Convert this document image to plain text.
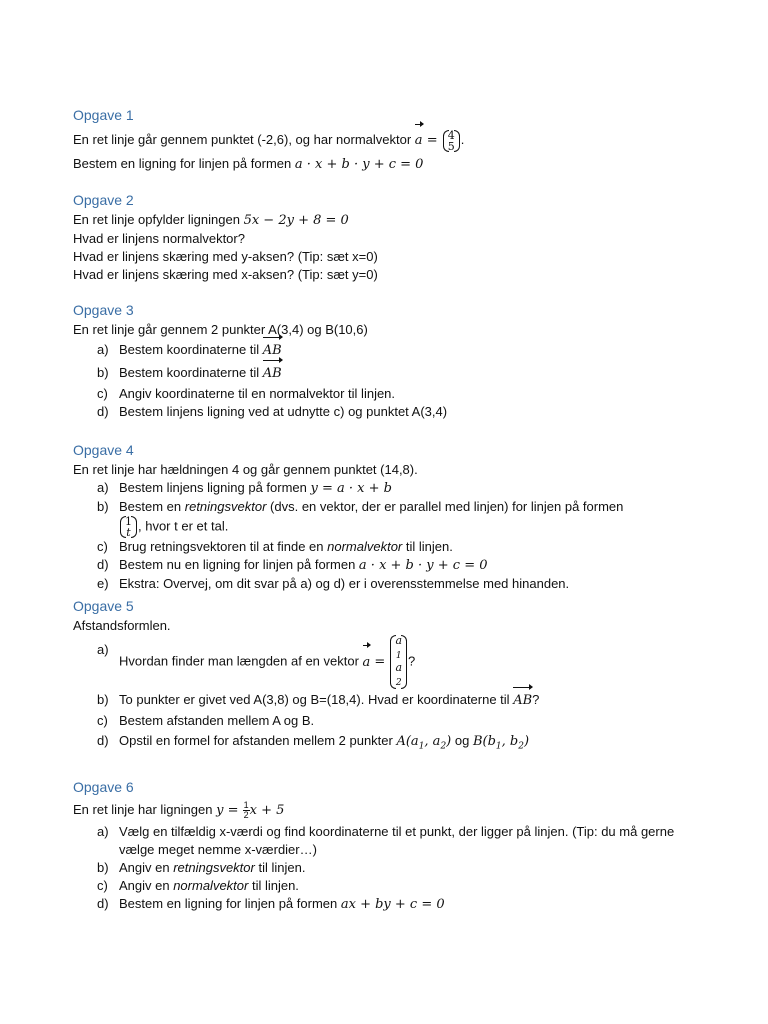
Opgave 1
En ret linje går gennem punktet (-2,6), og har normalvektor a = 4
5 .
Bestem en ligning for linjen på formen a · x + b · y + c = 0
Opgave 2
En ret linje opfylder ligningen 5x − 2y + 8 = 0
Hvad er linjens normalvektor?
Hvad er linjens skæring med y-aksen? (Tip: sæt x=0)
Hvad er linjens skæring med x-aksen? (Tip: sæt y=0)
Opgave 3
En ret linje går gennem 2 punkter A(3,4) og B(10,6)
a) Bestem koordinaterne til AB
b) Bestem koordinaterne til AB
c) Angiv koordinaterne til en normalvektor til linjen.
d) Bestem linjens ligning ved at udnytte c) og punktet A(3,4)
Opgave 4
En ret linje har hældningen 4 og går gennem punktet (14,8).
a) Bestem linjens ligning på formen y = a · x + b
b) Bestem en retningsvektor (dvs. en vektor, der er parallel med linjen) for linjen på formen
1
t , hvor t er et tal.
c) Brug retningsvektoren til at finde en normalvektor til linjen.
d) Bestem nu en ligning for linjen på formen a · x + b · y + c = 0
e) Ekstra: Overvej, om dit svar på a) og d) er i overensstemmelse med hinanden.
Opgave 5
Afstandsformlen.
a)
Hvordan finder man længden af en vektor a =
a
$_1$
a
$_2$
?
b) To punkter er givet ved A(3,8) og B=(18,4). Hvad er koordinaterne til AB?
c) Bestem afstanden mellem A og B.
d) Opstil en formel for afstanden mellem 2 punkter $A(a_1$, $a_2$) og $B(b_1$, $b_2$)
Opgave 6
En ret linje har ligningen $y = \frac{1}{2}$ x + 5
a) Vælg en tilfældig x-værdi og find koordinaterne til et punkt, der ligger på linjen. (Tip: du må gerne vælge meget nemme x-værdier…)
b) Angiv en retningsvektor til linjen.
c) Angiv en normalvektor til linjen.
d) Bestem en ligning for linjen på formen ax + by + c = 0
